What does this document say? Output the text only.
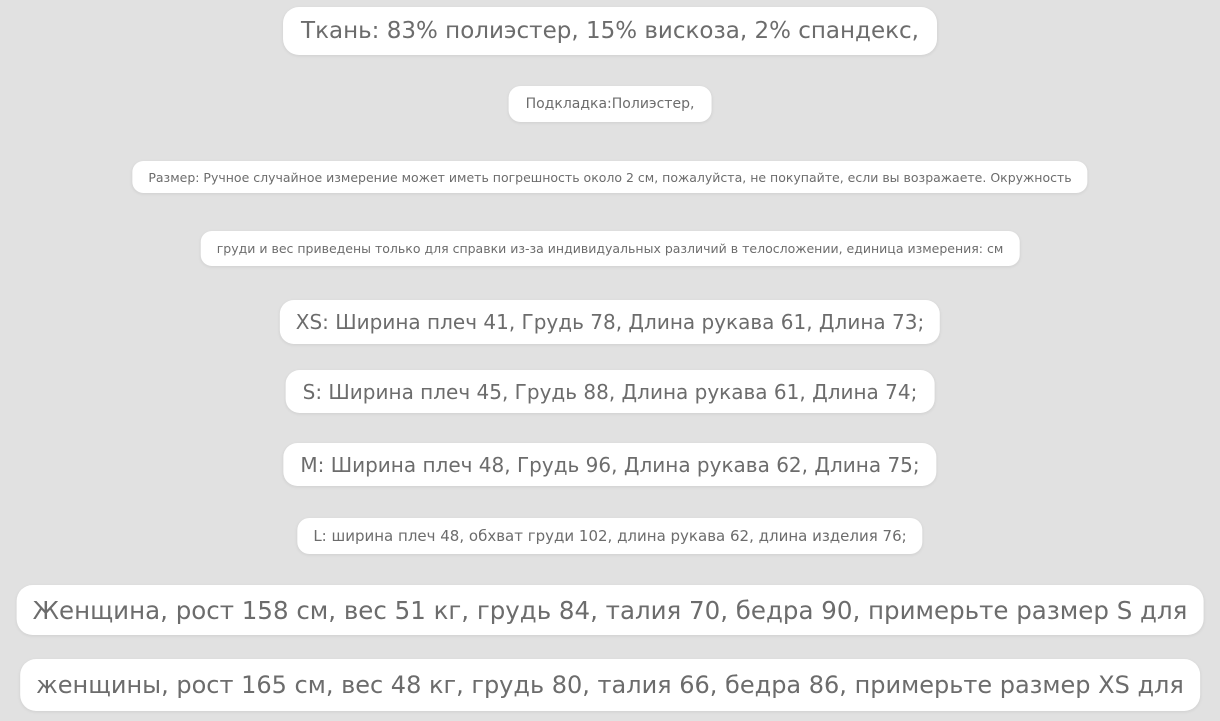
Ткань: 83% полиэстер, 15% вискоза, 2% спандекс,
Подкладка:Полиэстер,
Размер: Ручное случайное измерение может иметь погрешность около 2 см, пожалуйста, не покупайте, если вы возражаете. Окружность
груди и вес приведены только для справки из-за индивидуальных различий в телосложении, единица измерения: см
XS: Ширина плеч 41, Грудь 78, Длина рукава 61, Длина 73;
S: Ширина плеч 45, Грудь 88, Длина рукава 61, Длина 74;
M: Ширина плеч 48, Грудь 96, Длина рукава 62, Длина 75;
L: ширина плеч 48, обхват груди 102, длина рукава 62, длина изделия 76;
Женщина, рост 158 см, вес 51 кг, грудь 84, талия 70, бедра 90, примерьте размер S для
женщины, рост 165 см, вес 48 кг, грудь 80, талия 66, бедра 86, примерьте размер XS для
